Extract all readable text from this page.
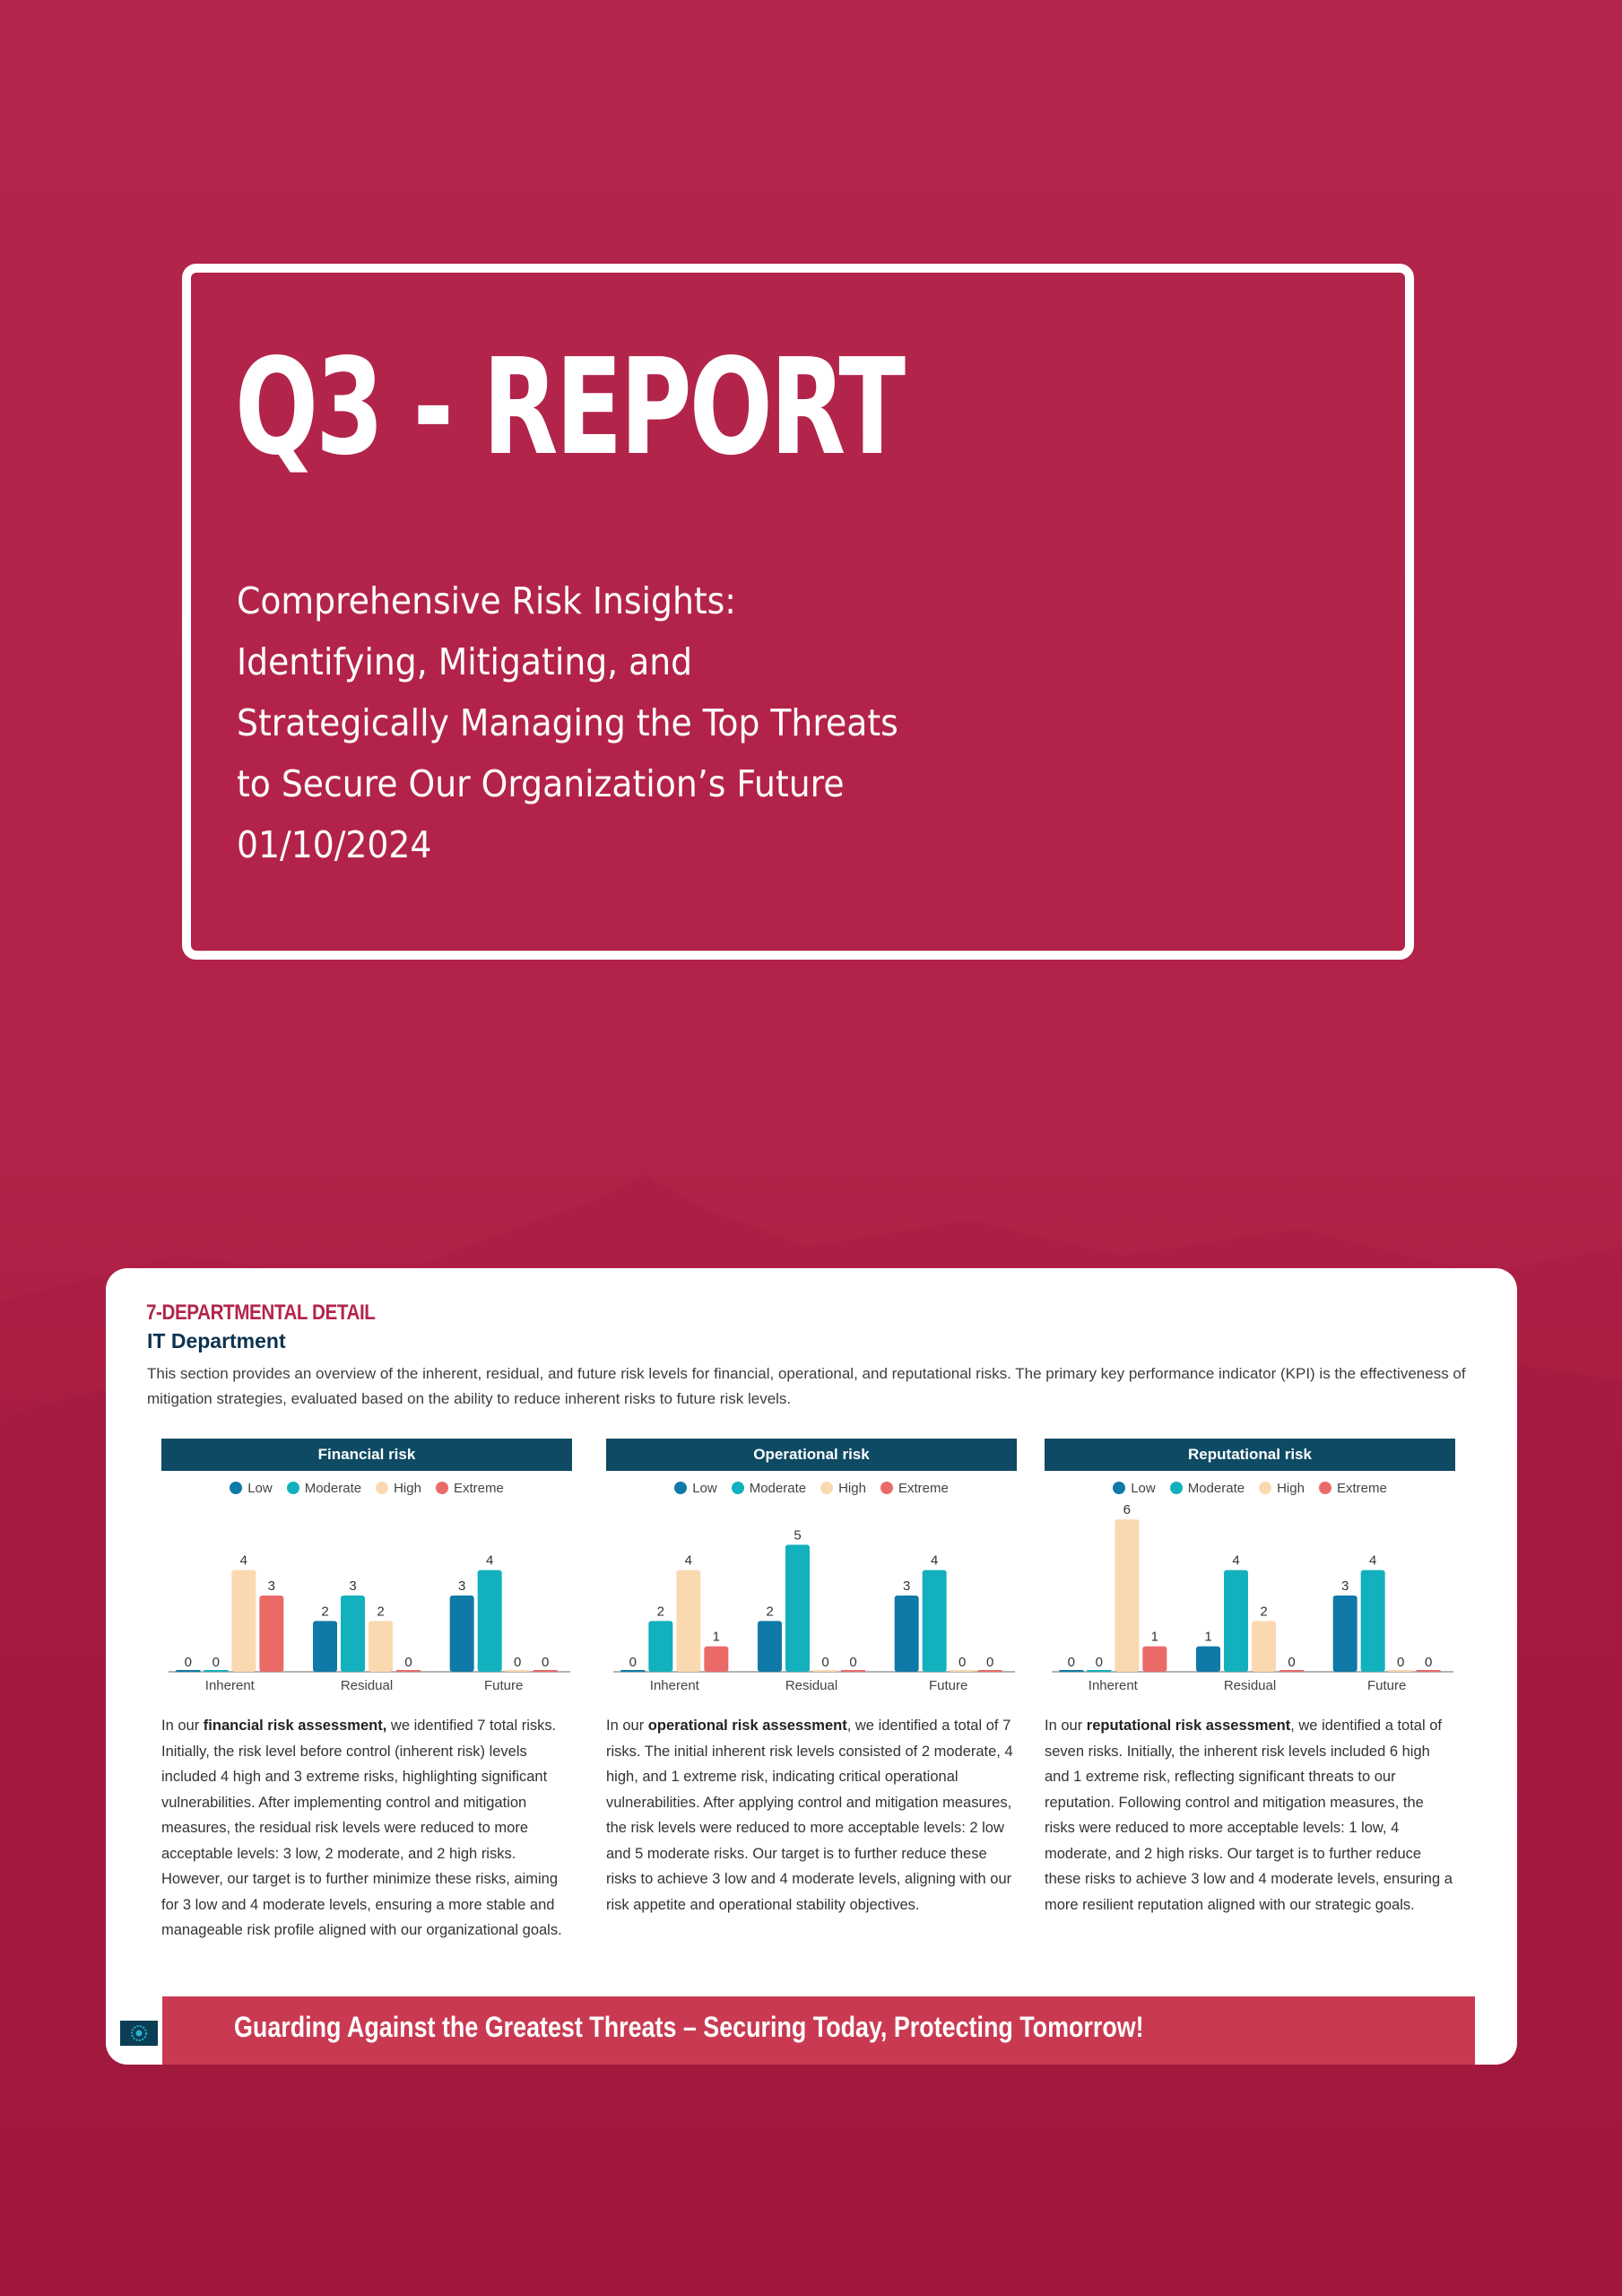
Q3 - REPORT
Comprehensive Risk Insights:
Identifying, Mitigating, and
Strategically Managing the Top Threats
to Secure Our Organization’s Future
01/10/2024
7-DEPARTMENTAL DETAIL
IT Department

This section provides an overview of the inherent, residual, and future risk levels for financial, operational, and reputational risks. The primary key performance indicator (KPI) is the effectiveness of mitigation strategies, evaluated based on the ability to reduce inherent risks to future risk levels.

Financial risk
Low Moderate High Extreme
0 0
4
3
Inherent
2
3
2
0
Residual
3
4
0 0
Future

In our financial risk assessment, we identified 7 total risks. Initially, the risk level before control (inherent risk) levels included 4 high and 3 extreme risks, highlighting significant vulnerabilities. After implementing control and mitigation measures, the residual risk levels were reduced to more acceptable levels: 3 low, 2 moderate, and 2 high risks. However, our target is to further minimize these risks, aiming for 3 low and 4 moderate levels, ensuring a more stable and manageable risk profile aligned with our organizational goals.

Operational risk
Low Moderate High Extreme
0
2
4
1
Inherent
2
5
0 0
Residual
3
4
0 0
Future

In our operational risk assessment, we identified a total of 7 risks. The initial inherent risk levels consisted of 2 moderate, 4 high, and 1 extreme risk, indicating critical operational vulnerabilities. After applying control and mitigation measures, the risk levels were reduced to more acceptable levels: 2 low and 5 moderate risks. Our target is to further reduce these risks to achieve 3 low and 4 moderate levels, aligning with our risk appetite and operational stability objectives.

Reputational risk
Low Moderate High Extreme
0 0
6
1
Inherent
1
4
2
0
Residual
3
4
0 0
Future

In our reputational risk assessment, we identified a total of seven risks. Initially, the inherent risk levels included 6 high and 1 extreme risk, reflecting significant threats to our reputation. Following control and mitigation measures, the risks were reduced to more acceptable levels: 1 low, 4 moderate, and 2 high risks. Our target is to further reduce these risks to achieve 3 low and 4 moderate levels, ensuring a more resilient reputation aligned with our strategic goals.

Guarding Against the Greatest Threats – Securing Today, Protecting Tomorrow!
